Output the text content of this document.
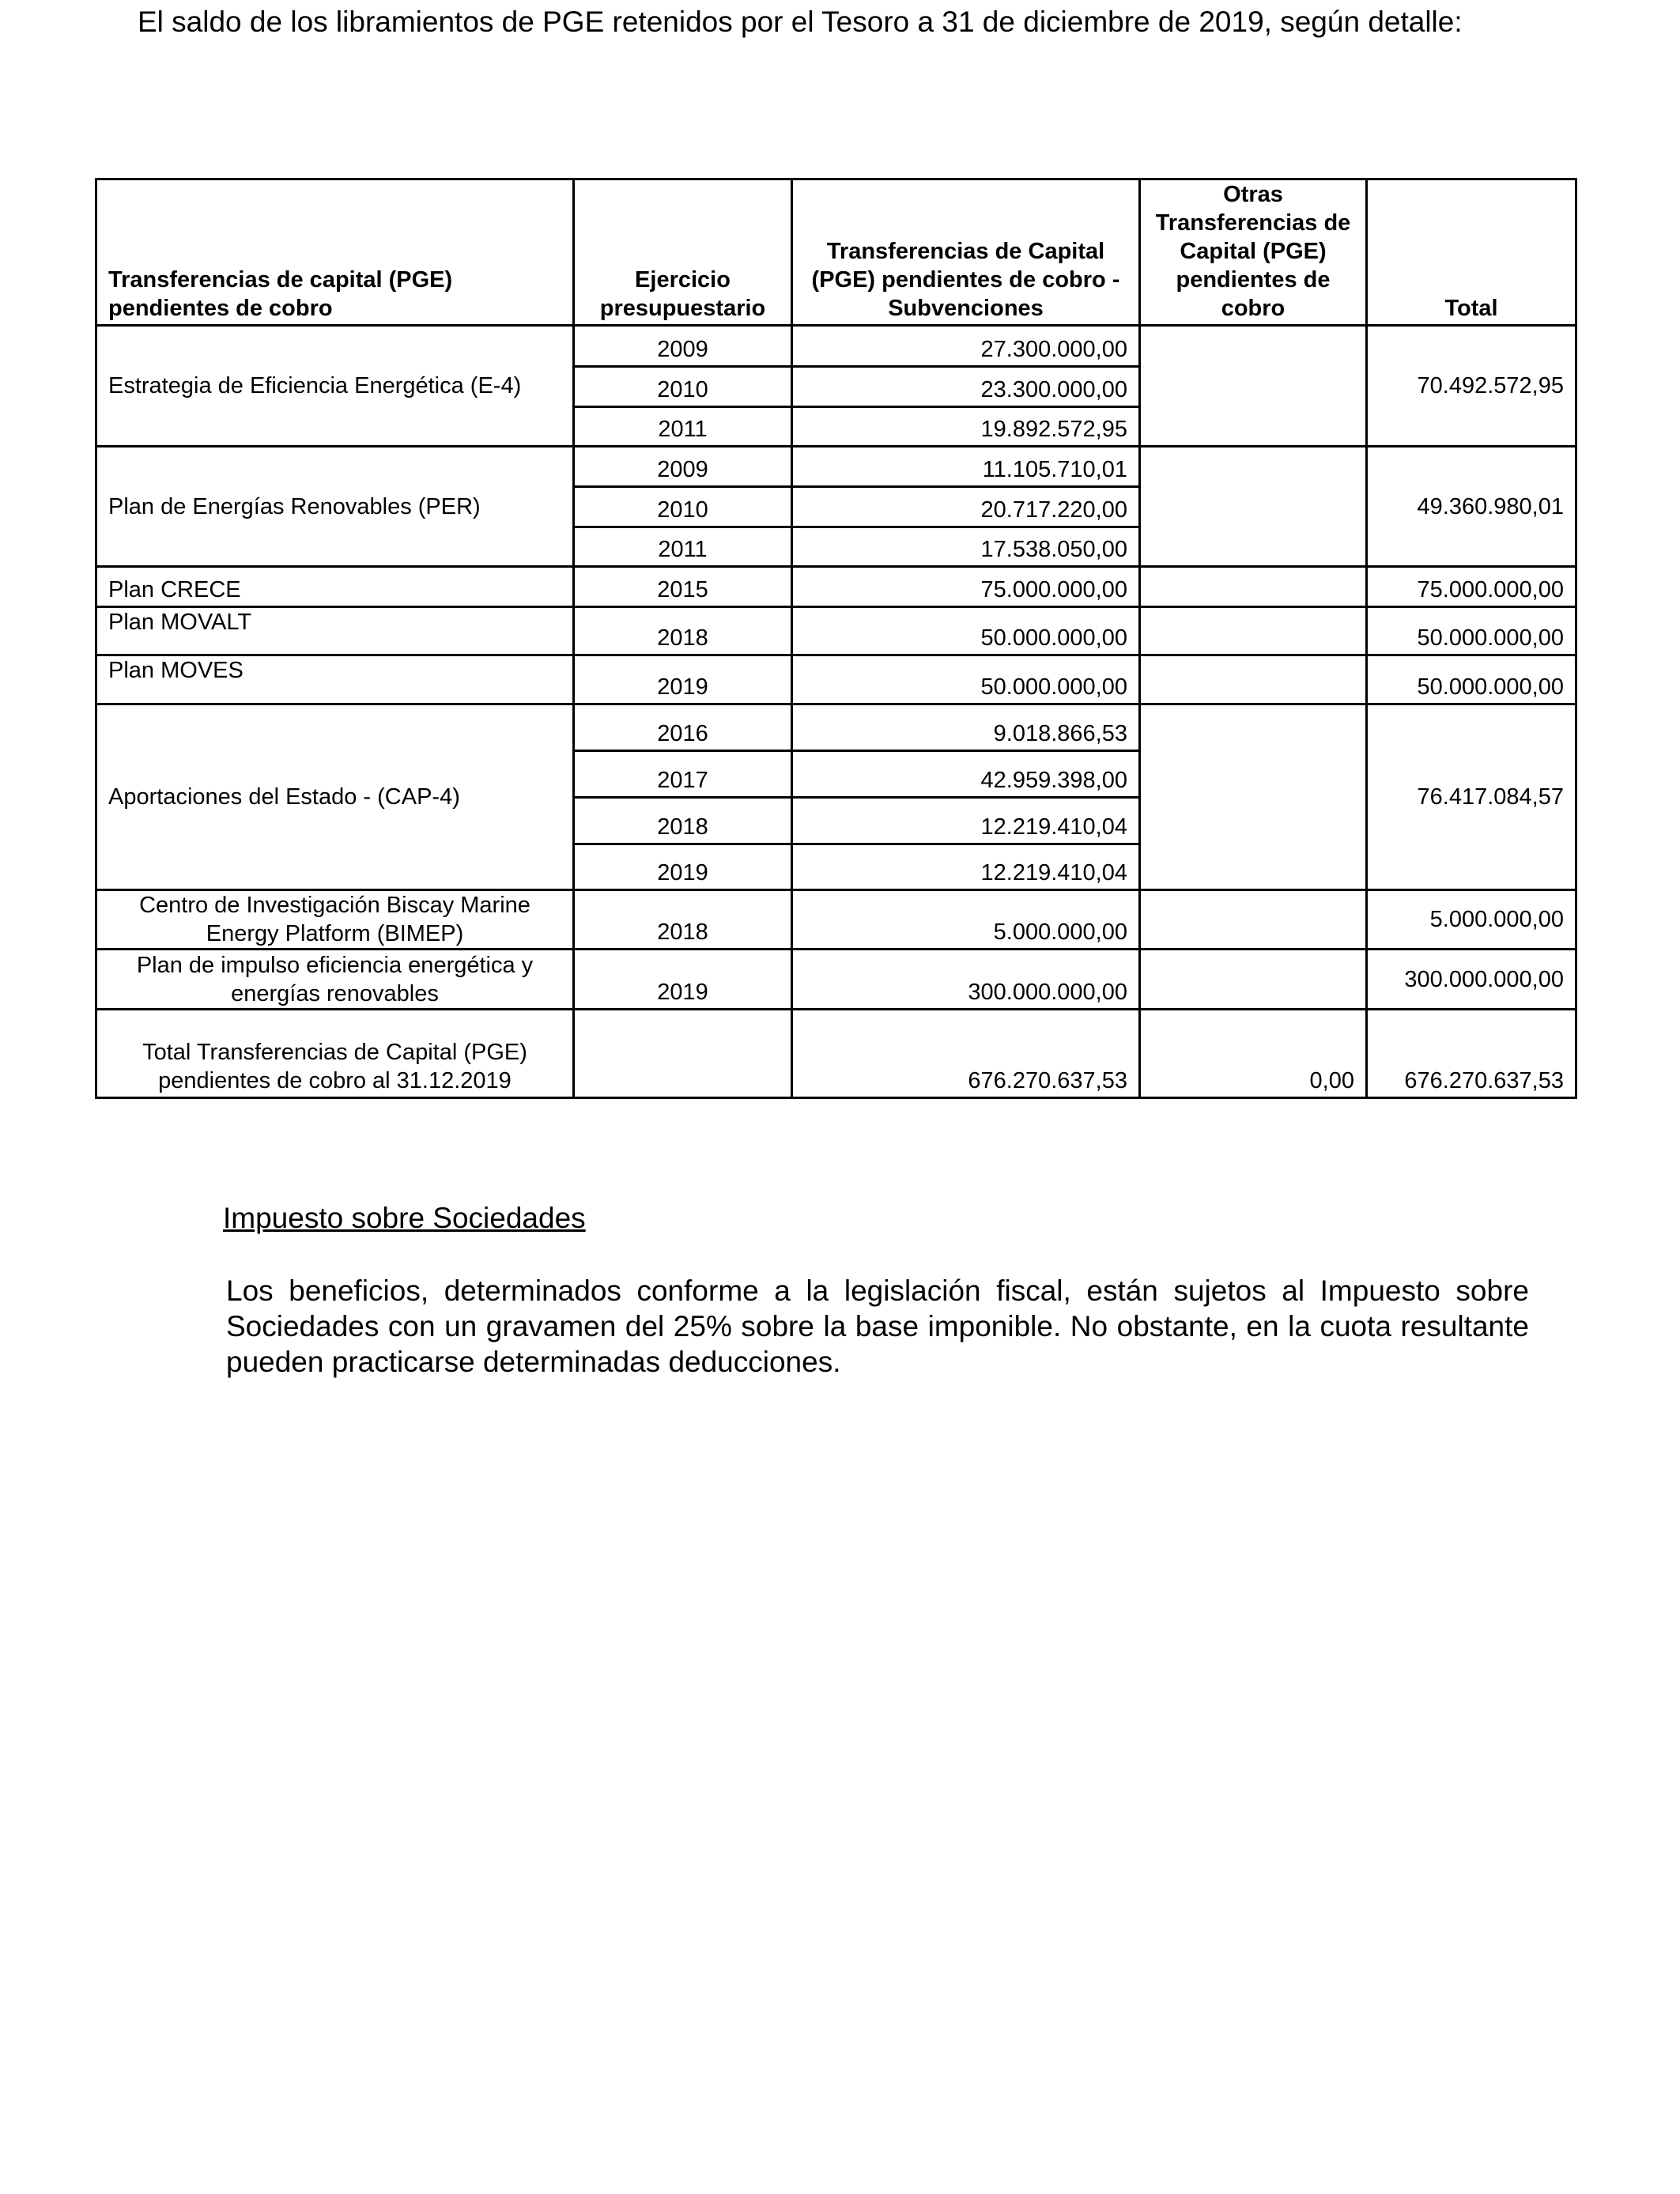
El saldo de los libramientos de PGE retenidos por el Tesoro a 31 de diciembre de 2019, según detalle:

Transferencias de capital (PGE) pendientes de cobro	Ejercicio presupuestario	Transferencias de Capital (PGE) pendientes de cobro - Subvenciones	Otras Transferencias de Capital (PGE) pendientes de cobro	Total
Estrategia de Eficiencia Energética (E-4)	2009	27.300.000,00		70.492.572,95
	2010	23.300.000,00		
	2011	19.892.572,95		
Plan de Energías Renovables (PER)	2009	11.105.710,01		49.360.980,01
	2010	20.717.220,00		
	2011	17.538.050,00		
Plan CRECE	2015	75.000.000,00		75.000.000,00
Plan MOVALT	2018	50.000.000,00		50.000.000,00
Plan MOVES	2019	50.000.000,00		50.000.000,00
Aportaciones del Estado - (CAP-4)	2016	9.018.866,53		76.417.084,57
	2017	42.959.398,00		
	2018	12.219.410,04		
	2019	12.219.410,04		
Centro de Investigación Biscay Marine Energy Platform (BIMEP)	2018	5.000.000,00		5.000.000,00
Plan de impulso eficiencia energética y energías renovables	2019	300.000.000,00		300.000.000,00
Total Transferencias de Capital (PGE) pendientes de cobro al 31.12.2019		676.270.637,53	0,00	676.270.637,53

Impuesto sobre Sociedades

Los beneficios, determinados conforme a la legislación fiscal, están sujetos al Impuesto sobre Sociedades con un gravamen del 25% sobre la base imponible. No obstante, en la cuota resultante pueden practicarse determinadas deducciones.
